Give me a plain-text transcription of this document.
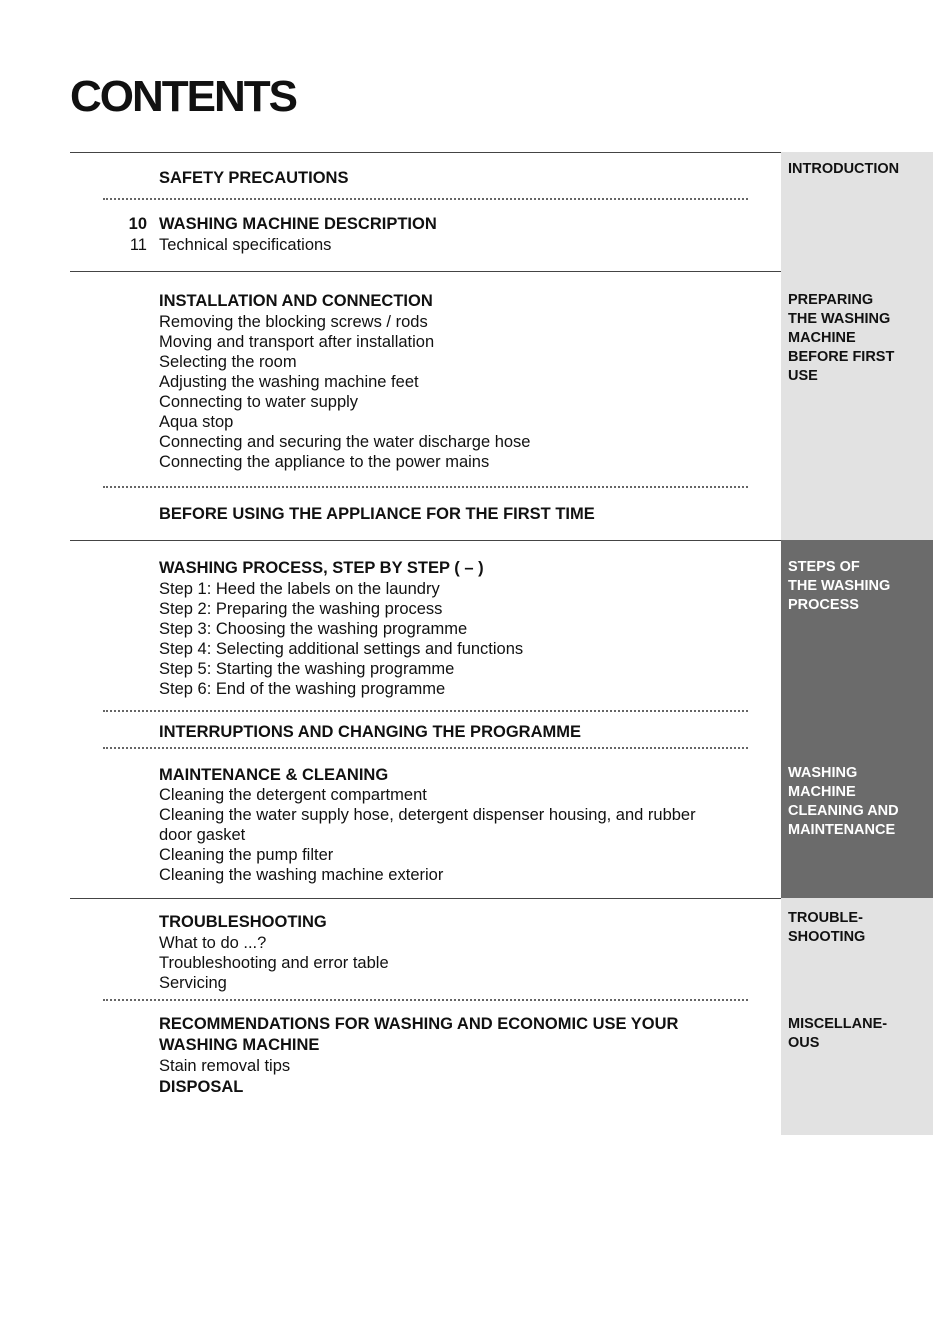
CONTENTS
INTRODUCTION
PREPARING
THE WASHING
MACHINE
BEFORE FIRST
USE
STEPS OF
THE WASHING
PROCESS
WASHING
MACHINE
CLEANING AND
MAINTENANCE
TROUBLE-
SHOOTING
MISCELLANE-
OUS
SAFETY PRECAUTIONS
10 WASHING MACHINE DESCRIPTION
11 Technical specifications
INSTALLATION AND CONNECTION
Removing the blocking screws / rods
Moving and transport after installation
Selecting the room
Adjusting the washing machine feet
Connecting to water supply
Aqua stop
Connecting and securing the water discharge hose
Connecting the appliance to the power mains
BEFORE USING THE APPLIANCE FOR THE FIRST TIME
WASHING PROCESS, STEP BY STEP ( – )
Step 1: Heed the labels on the laundry
Step 2: Preparing the washing process
Step 3: Choosing the washing programme
Step 4: Selecting additional settings and functions
Step 5: Starting the washing programme
Step 6: End of the washing programme
INTERRUPTIONS AND CHANGING THE PROGRAMME
MAINTENANCE & CLEANING
Cleaning the detergent compartment
Cleaning the water supply hose, detergent dispenser housing, and rubber
door gasket
Cleaning the pump filter
Cleaning the washing machine exterior
TROUBLESHOOTING
What to do ...?
Troubleshooting and error table
Servicing
RECOMMENDATIONS FOR WASHING AND ECONOMIC USE YOUR
WASHING MACHINE
Stain removal tips
DISPOSAL
